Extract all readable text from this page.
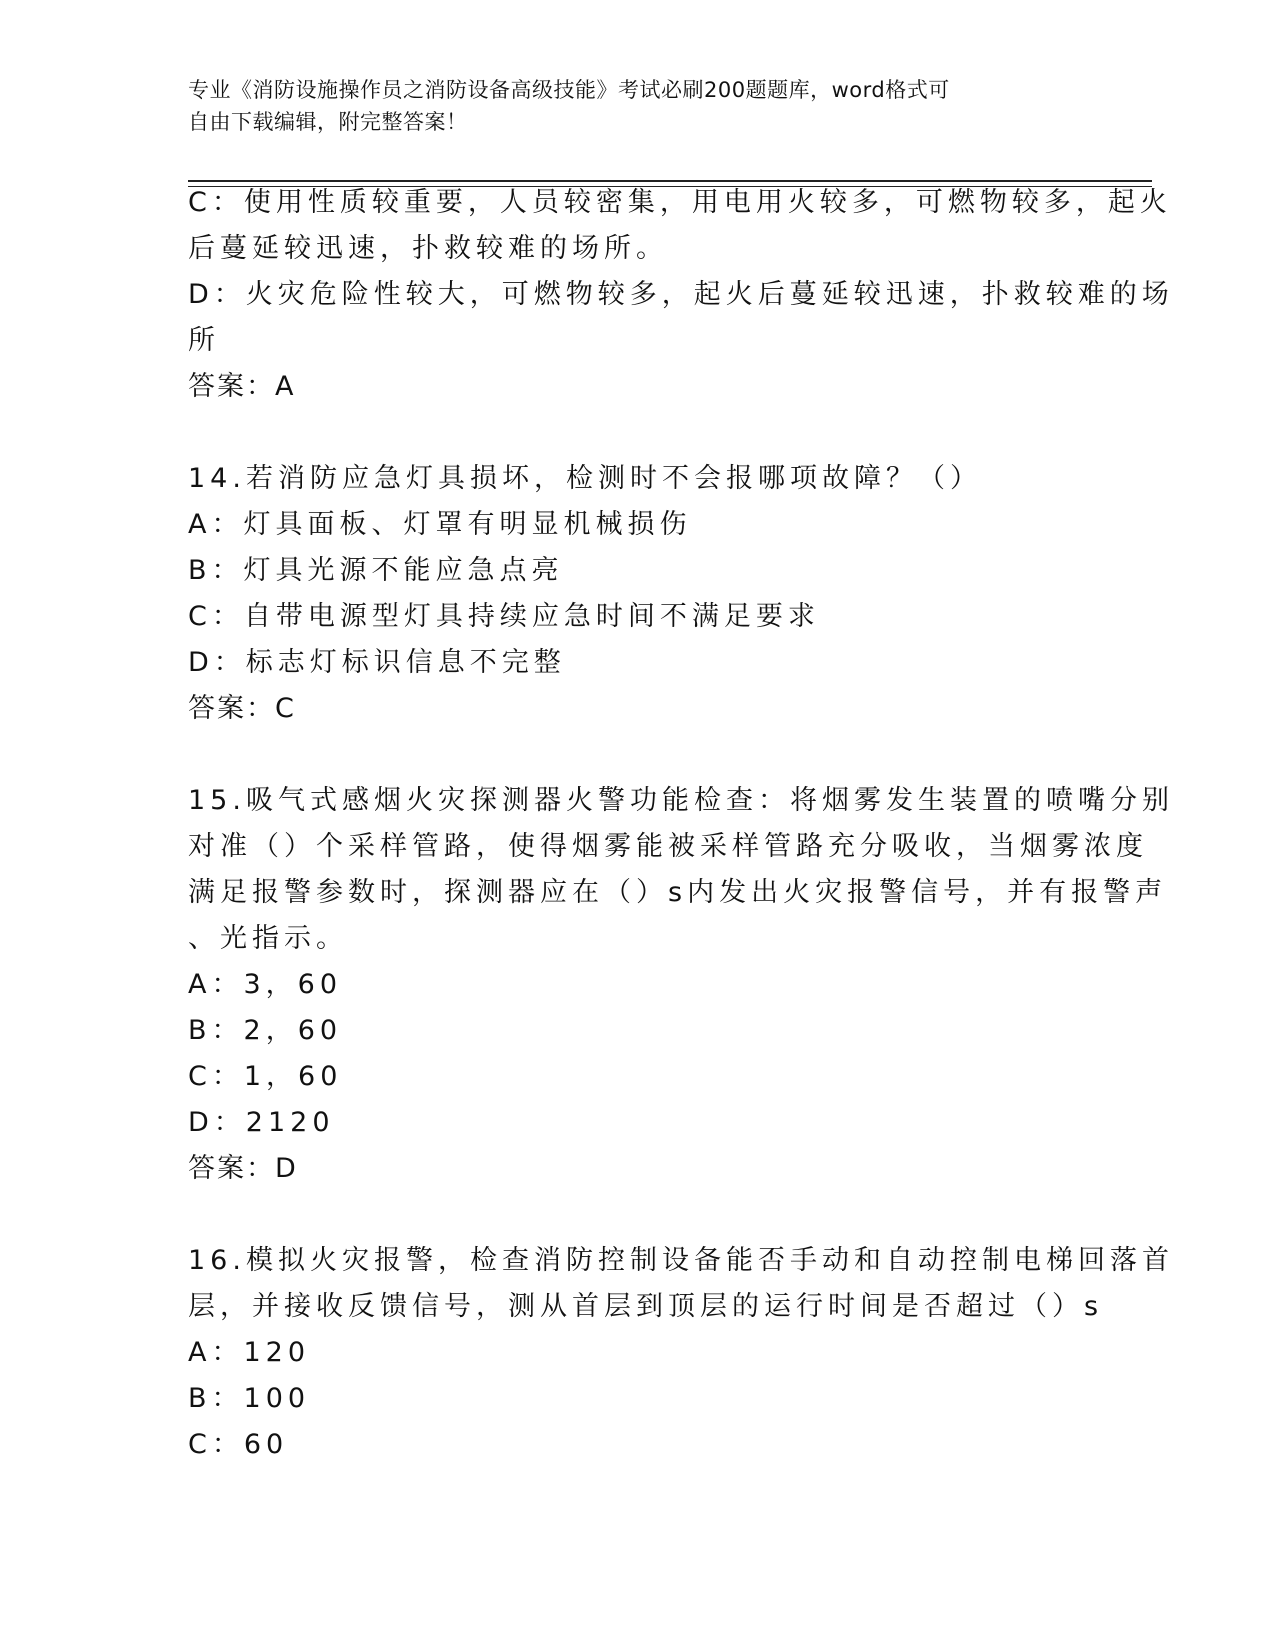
专业《消防设施操作员之消防设备高级技能》考试必刷200题题库，word格式可
自由下载编辑，附完整答案！
C：使用性质较重要，人员较密集，用电用火较多，可燃物较多，起火
后蔓延较迅速，扑救较难的场所。
D：火灾危险性较大，可燃物较多，起火后蔓延较迅速，扑救较难的场
所
答案：A
14.若消防应急灯具损坏，检测时不会报哪项故障？（）
A：灯具面板、灯罩有明显机械损伤
B：灯具光源不能应急点亮
C：自带电源型灯具持续应急时间不满足要求
D：标志灯标识信息不完整
答案：C
15.吸气式感烟火灾探测器火警功能检查：将烟雾发生装置的喷嘴分别
对准（）个采样管路，使得烟雾能被采样管路充分吸收，当烟雾浓度
满足报警参数时，探测器应在（）s内发出火灾报警信号，并有报警声
、光指示。
A：3，60
B：2，60
C：1，60
D：2120
答案：D
16.模拟火灾报警，检查消防控制设备能否手动和自动控制电梯回落首
层，并接收反馈信号，测从首层到顶层的运行时间是否超过（）s
A：120
B：100
C：60
